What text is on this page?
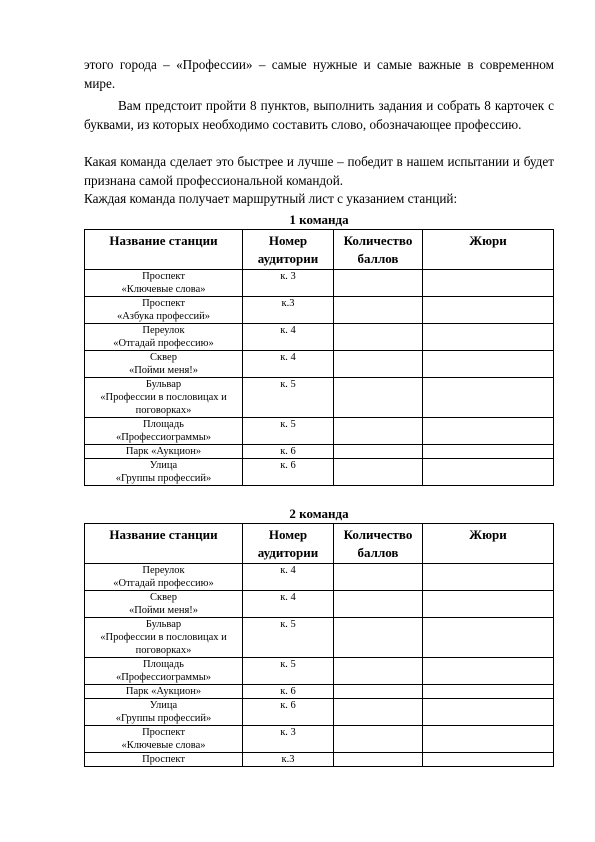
этого города – «Профессии» – самые нужные и самые важные в современном мире.
Вам предстоит пройти 8 пунктов, выполнить задания и собрать 8 карточек с буквами, из которых необходимо составить слово, обозначающее профессию.
Какая команда сделает это быстрее и лучше – победит в нашем испытании и будет признана самой профессиональной командой.
Каждая команда получает маршрутный лист с указанием станций:
1 команда
Название станции	Номер аудитории	Количество баллов	Жюри

Проспект
«Ключевые слова»	к. 3		

Проспект
«Азбука профессий»	к.3		

Переулок
«Отгадай профессию»	к. 4		

Сквер
«Пойми меня!»	к. 4		

Бульвар
«Профессии в пословицах и
поговорках»	к. 5		

Площадь
«Профессиограммы»	к. 5		

Парк «Аукцион»	к. 6		

Улица
«Группы профессий»	к. 6		
2 команда
Название станции	Номер аудитории	Количество баллов	Жюри

Переулок
«Отгадай профессию»	к. 4		

Сквер
«Пойми меня!»	к. 4		

Бульвар
«Профессии в пословицах и
поговорках»	к. 5		

Площадь
«Профессиограммы»	к. 5		

Парк «Аукцион»	к. 6		

Улица
«Группы профессий»	к. 6		

Проспект
«Ключевые слова»	к. 3		

Проспект	к.3		
